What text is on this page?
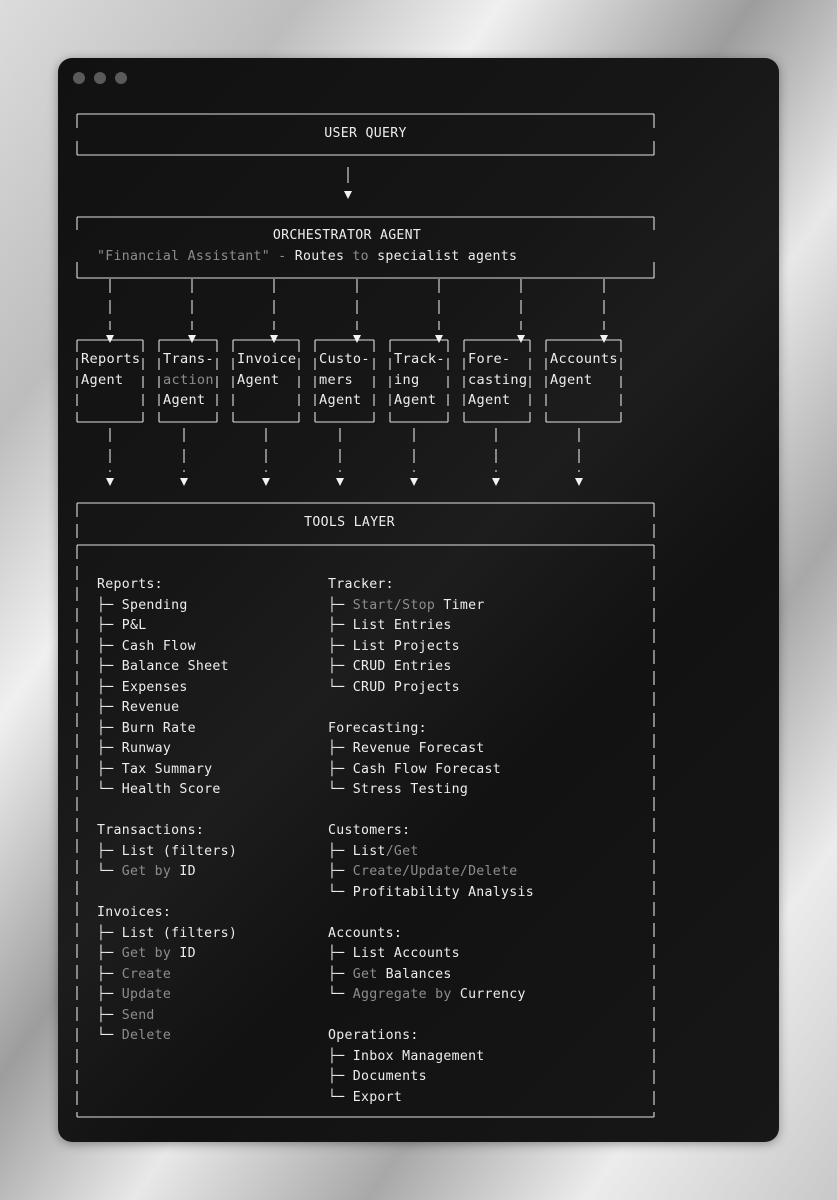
USER QUERY
ORCHESTRATOR AGENT
"Financial Assistant" - Routes to specialist agents
Reports
Agent
Trans-
action
Agent
Invoice
Agent
Custo-
mers
Agent
Track-
ing
Agent
Fore-
casting
Agent
Accounts
Agent
TOOLS LAYER
Reports:
├─ Spending
├─ P&L
├─ Cash Flow
├─ Balance Sheet
├─ Expenses
├─ Revenue
├─ Burn Rate
├─ Runway
├─ Tax Summary
└─ Health Score
Transactions:
├─ List (filters)
└─ Get by ID
Invoices:
├─ List (filters)
├─ Get by ID
├─ Create
├─ Update
├─ Send
└─ Delete
Tracker:
├─ Start/Stop Timer
├─ List Entries
├─ List Projects
├─ CRUD Entries
└─ CRUD Projects
Forecasting:
├─ Revenue Forecast
├─ Cash Flow Forecast
└─ Stress Testing
Customers:
├─ List/Get
├─ Create/Update/Delete
└─ Profitability Analysis
Accounts:
├─ List Accounts
├─ Get Balances
└─ Aggregate by Currency
Operations:
├─ Inbox Management
├─ Documents
└─ Export
